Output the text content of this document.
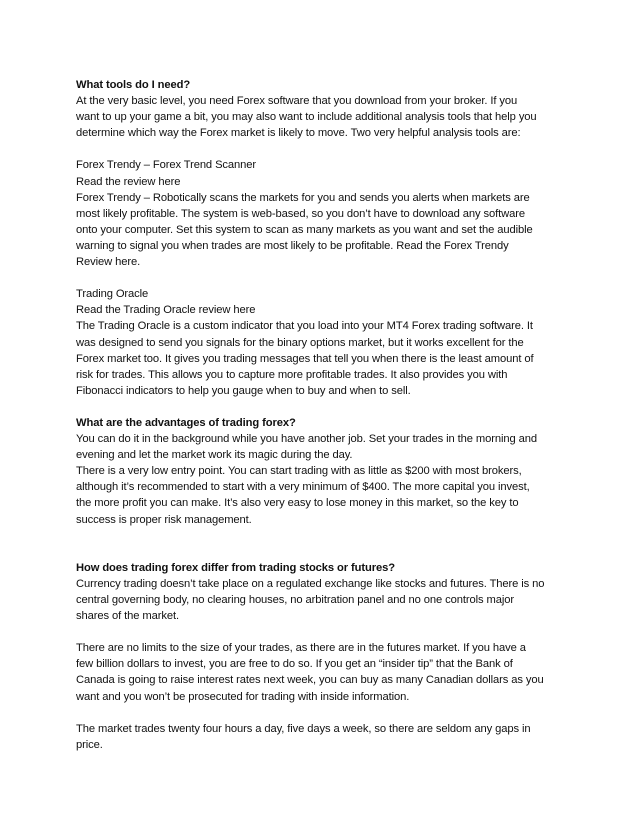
What tools do I need?
At the very basic level, you need Forex software that you download from your broker. If you
want to up your game a bit, you may also want to include additional analysis tools that help you
determine which way the Forex market is likely to move. Two very helpful analysis tools are:
Forex Trendy – Forex Trend Scanner
Read the review here
Forex Trendy – Robotically scans the markets for you and sends you alerts when markets are
most likely profitable. The system is web-based, so you don’t have to download any software
onto your computer. Set this system to scan as many markets as you want and set the audible
warning to signal you when trades are most likely to be profitable. Read the Forex Trendy
Review here.
Trading Oracle
Read the Trading Oracle review here
The Trading Oracle is a custom indicator that you load into your MT4 Forex trading software. It
was designed to send you signals for the binary options market, but it works excellent for the
Forex market too. It gives you trading messages that tell you when there is the least amount of
risk for trades. This allows you to capture more profitable trades. It also provides you with
Fibonacci indicators to help you gauge when to buy and when to sell.
What are the advantages of trading forex?
You can do it in the background while you have another job. Set your trades in the morning and
evening and let the market work its magic during the day.
There is a very low entry point. You can start trading with as little as $200 with most brokers,
although it’s recommended to start with a very minimum of $400. The more capital you invest,
the more profit you can make. It’s also very easy to lose money in this market, so the key to
success is proper risk management.
How does trading forex differ from trading stocks or futures?
Currency trading doesn’t take place on a regulated exchange like stocks and futures. There is no
central governing body, no clearing houses, no arbitration panel and no one controls major
shares of the market.
There are no limits to the size of your trades, as there are in the futures market. If you have a
few billion dollars to invest, you are free to do so. If you get an “insider tip” that the Bank of
Canada is going to raise interest rates next week, you can buy as many Canadian dollars as you
want and you won’t be prosecuted for trading with inside information.
The market trades twenty four hours a day, five days a week, so there are seldom any gaps in
price.
